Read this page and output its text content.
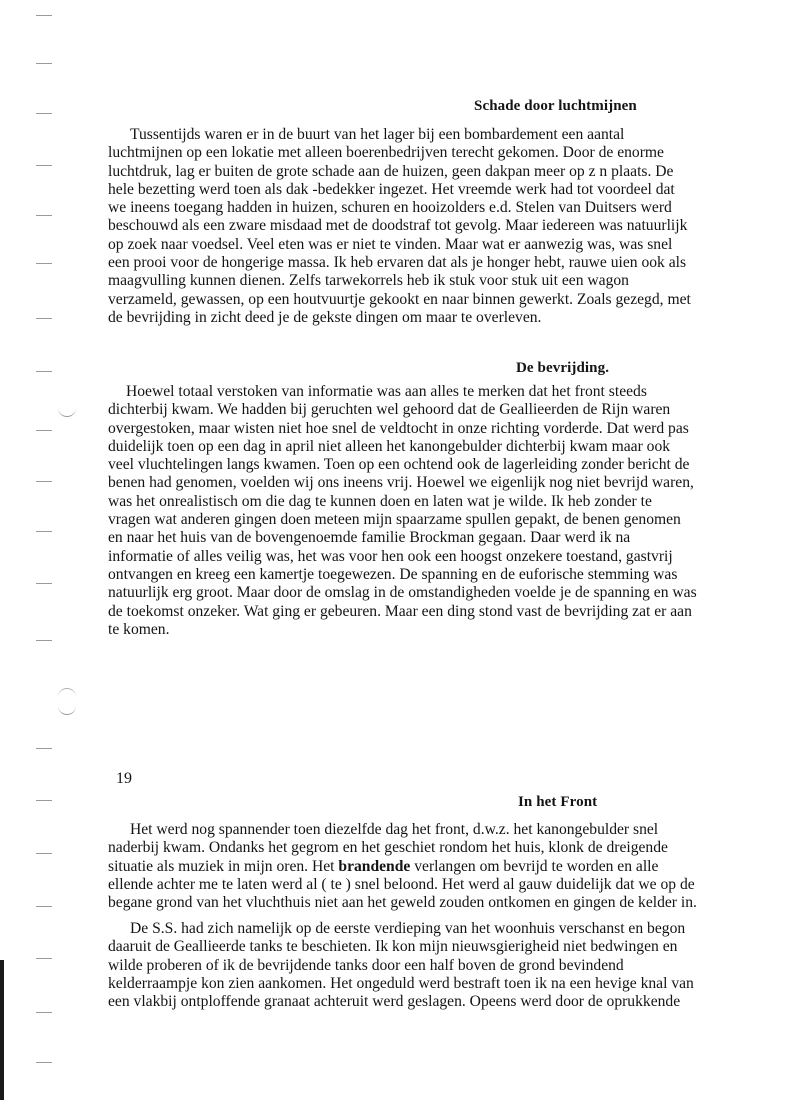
Schade door luchtmijnen

Tussentijds waren er in de buurt van het lager bij een bombardement een aantal
luchtmijnen op een lokatie met alleen boerenbedrijven terecht gekomen. Door de enorme
luchtdruk, lag er buiten de grote schade aan de huizen, geen dakpan meer op z n plaats. De
hele bezetting werd toen als dak -bedekker ingezet. Het vreemde werk had tot voordeel dat
we ineens toegang hadden in huizen, schuren en hooizolders e.d. Stelen van Duitsers werd
beschouwd als een zware misdaad met de doodstraf tot gevolg. Maar iedereen was natuurlijk
op zoek naar voedsel. Veel eten was er niet te vinden. Maar wat er aanwezig was, was snel
een prooi voor de hongerige massa. Ik heb ervaren dat als je honger hebt, rauwe uien ook als
maagvulling kunnen dienen. Zelfs tarwekorrels heb ik stuk voor stuk uit een wagon
verzameld, gewassen, op een houtvuurtje gekookt en naar binnen gewerkt. Zoals gezegd, met
de bevrijding in zicht deed je de gekste dingen om maar te overleven.

De bevrijding.

Hoewel totaal verstoken van informatie was aan alles te merken dat het front steeds
dichterbij kwam. We hadden bij geruchten wel gehoord dat de Geallieerden de Rijn waren
overgestoken, maar wisten niet hoe snel de veldtocht in onze richting vorderde. Dat werd pas
duidelijk toen op een dag in april niet alleen het kanongebulder dichterbij kwam maar ook
veel vluchtelingen langs kwamen. Toen op een ochtend ook de lagerleiding zonder bericht de
benen had genomen, voelden wij ons ineens vrij. Hoewel we eigenlijk nog niet bevrijd waren,
was het onrealistisch om die dag te kunnen doen en laten wat je wilde. Ik heb zonder te
vragen wat anderen gingen doen meteen mijn spaarzame spullen gepakt, de benen genomen
en naar het huis van de bovengenoemde familie Brockman gegaan. Daar werd ik na
informatie of alles veilig was, het was voor hen ook een hoogst onzekere toestand, gastvrij
ontvangen en kreeg een kamertje toegewezen. De spanning en de euforische stemming was
natuurlijk erg groot. Maar door de omslag in de omstandigheden voelde je de spanning en was
de toekomst onzeker. Wat ging er gebeuren. Maar een ding stond vast de bevrijding zat er aan
te komen.

19
In het Front

Het werd nog spannender toen diezelfde dag het front, d.w.z. het kanongebulder snel
naderbij kwam. Ondanks het gegrom en het geschiet rondom het huis, klonk de dreigende
situatie als muziek in mijn oren. Het brandende verlangen om bevrijd te worden en alle
ellende achter me te laten werd al ( te ) snel beloond. Het werd al gauw duidelijk dat we op de
begane grond van het vluchthuis niet aan het geweld zouden ontkomen en gingen de kelder in.

De S.S. had zich namelijk op de eerste verdieping van het woonhuis verschanst en begon
daaruit de Geallieerde tanks te beschieten. Ik kon mijn nieuwsgierigheid niet bedwingen en
wilde proberen of ik de bevrijdende tanks door een half boven de grond bevindend
kelderraampje kon zien aankomen. Het ongeduld werd bestraft toen ik na een hevige knal van
een vlakbij ontploffende granaat achteruit werd geslagen. Opeens werd door de oprukkende
